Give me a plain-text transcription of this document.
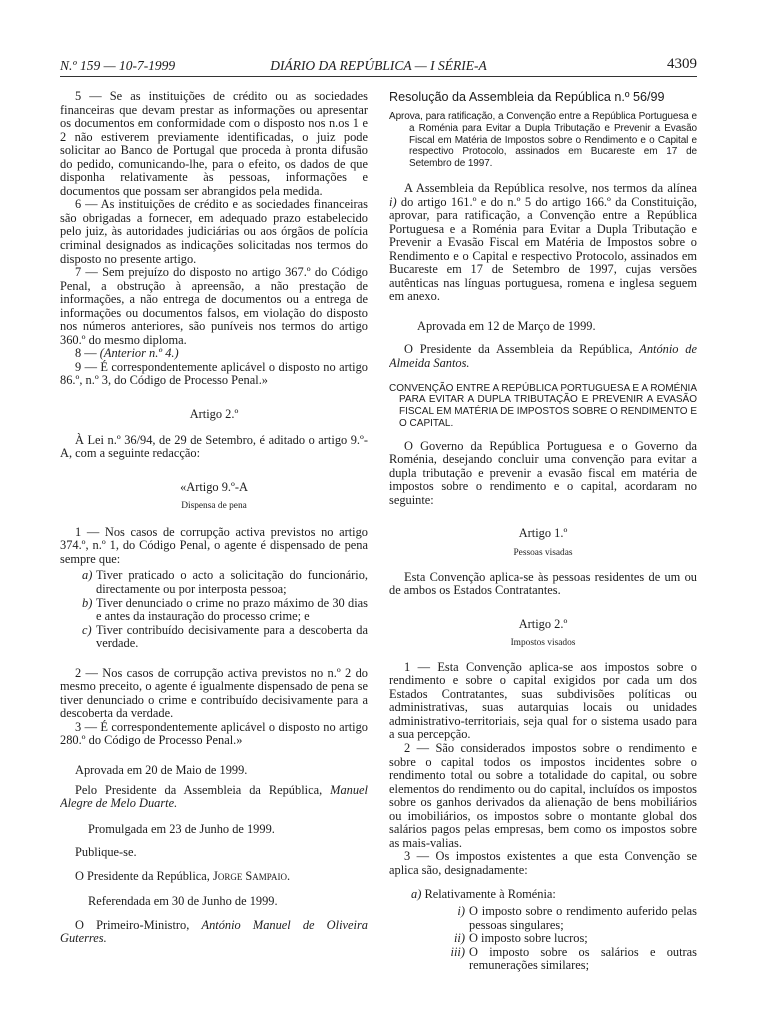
N.º 159 — 10-7-1999	DIÁRIO DA REPÚBLICA — I SÉRIE-A	4309

5 — Se as instituições de crédito ou as sociedades financeiras que devam prestar as informações ou apresentar os documentos em conformidade com o disposto nos n.os 1 e 2 não estiverem previamente identificadas, o juiz pode solicitar ao Banco de Portugal que proceda à pronta difusão do pedido, comunicando-lhe, para o efeito, os dados de que disponha relativamente às pessoas, informações e documentos que possam ser abrangidos pela medida.

6 — As instituições de crédito e as sociedades financeiras são obrigadas a fornecer, em adequado prazo estabelecido pelo juiz, às autoridades judiciárias ou aos órgãos de polícia criminal designados as indicações solicitadas nos termos do disposto no presente artigo.

7 — Sem prejuízo do disposto no artigo 367.º do Código Penal, a obstrução à apreensão, a não prestação de informações, a não entrega de documentos ou a entrega de informações ou documentos falsos, em violação do disposto nos números anteriores, são puníveis nos termos do artigo 360.º do mesmo diploma.

8 — (Anterior n.º 4.)

9 — É correspondentemente aplicável o disposto no artigo 86.º, n.º 3, do Código de Processo Penal.»

Artigo 2.º

À Lei n.º 36/94, de 29 de Setembro, é aditado o artigo 9.º-A, com a seguinte redacção:

«Artigo 9.º-A

Dispensa de pena

1 — Nos casos de corrupção activa previstos no artigo 374.º, n.º 1, do Código Penal, o agente é dispensado de pena sempre que:

a) Tiver praticado o acto a solicitação do funcionário, directamente ou por interposta pessoa;
b) Tiver denunciado o crime no prazo máximo de 30 dias e antes da instauração do processo crime; e
c) Tiver contribuído decisivamente para a descoberta da verdade.

2 — Nos casos de corrupção activa previstos no n.º 2 do mesmo preceito, o agente é igualmente dispensado de pena se tiver denunciado o crime e contribuído decisivamente para a descoberta da verdade.

3 — É correspondentemente aplicável o disposto no artigo 280.º do Código de Processo Penal.»

Aprovada em 20 de Maio de 1999.

Pelo Presidente da Assembleia da República, Manuel Alegre de Melo Duarte.

Promulgada em 23 de Junho de 1999.

Publique-se.

O Presidente da República, Jorge Sampaio.

Referendada em 30 de Junho de 1999.

O Primeiro-Ministro, António Manuel de Oliveira Guterres.

Resolução da Assembleia da República n.º 56/99

Aprova, para ratificação, a Convenção entre a República Portuguesa e a Roménia para Evitar a Dupla Tributação e Prevenir a Evasão Fiscal em Matéria de Impostos sobre o Rendimento e o Capital e respectivo Protocolo, assinados em Bucareste em 17 de Setembro de 1997.

A Assembleia da República resolve, nos termos da alínea i) do artigo 161.º e do n.º 5 do artigo 166.º da Constituição, aprovar, para ratificação, a Convenção entre a República Portuguesa e a Roménia para Evitar a Dupla Tributação e Prevenir a Evasão Fiscal em Matéria de Impostos sobre o Rendimento e o Capital e respectivo Protocolo, assinados em Bucareste em 17 de Setembro de 1997, cujas versões autênticas nas línguas portuguesa, romena e inglesa seguem em anexo.

Aprovada em 12 de Março de 1999.

O Presidente da Assembleia da República, António de Almeida Santos.

CONVENÇÃO ENTRE A REPÚBLICA PORTUGUESA E A ROMÉNIA PARA EVITAR A DUPLA TRIBUTAÇÃO E PREVENIR A EVASÃO FISCAL EM MATÉRIA DE IMPOSTOS SOBRE O RENDIMENTO E O CAPITAL.

O Governo da República Portuguesa e o Governo da Roménia, desejando concluir uma convenção para evitar a dupla tributação e prevenir a evasão fiscal em matéria de impostos sobre o rendimento e o capital, acordaram no seguinte:

Artigo 1.º

Pessoas visadas

Esta Convenção aplica-se às pessoas residentes de um ou de ambos os Estados Contratantes.

Artigo 2.º

Impostos visados

1 — Esta Convenção aplica-se aos impostos sobre o rendimento e sobre o capital exigidos por cada um dos Estados Contratantes, suas subdivisões políticas ou administrativas, suas autarquias locais ou unidades administrativo-territoriais, seja qual for o sistema usado para a sua percepção.

2 — São considerados impostos sobre o rendimento e sobre o capital todos os impostos incidentes sobre o rendimento total ou sobre a totalidade do capital, ou sobre elementos do rendimento ou do capital, incluídos os impostos sobre os ganhos derivados da alienação de bens mobiliários ou imobiliários, os impostos sobre o montante global dos salários pagos pelas empresas, bem como os impostos sobre as mais-valias.

3 — Os impostos existentes a que esta Convenção se aplica são, designadamente:

a) Relativamente à Roménia:

i) O imposto sobre o rendimento auferido pelas pessoas singulares;
ii) O imposto sobre lucros;
iii) O imposto sobre os salários e outras remunerações similares;
